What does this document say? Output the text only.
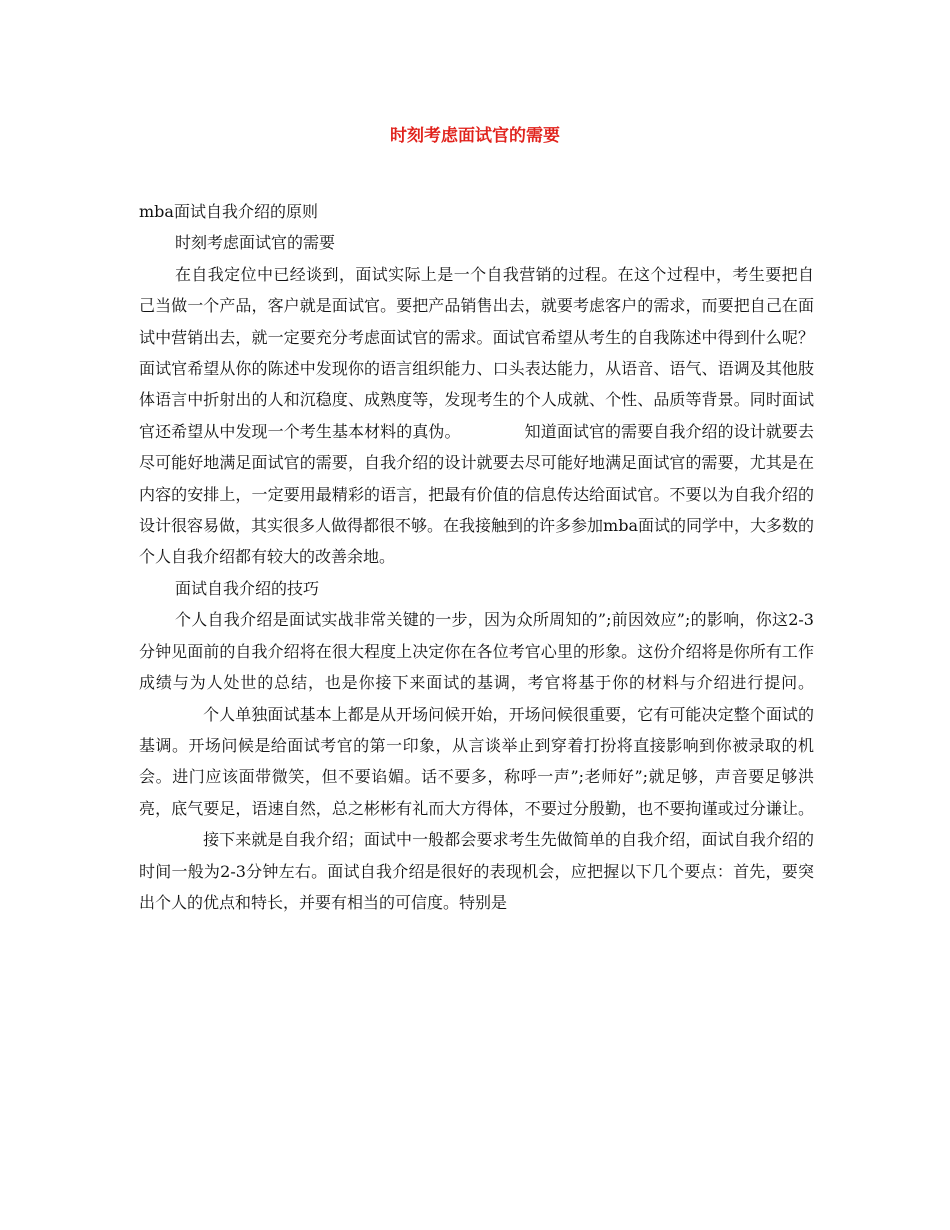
时刻考虑面试官的需要

mba面试自我介绍的原则

时刻考虑面试官的需要

在自我定位中已经谈到，面试实际上是一个自我营销的过程。在这个过程中，考生要把自己当做一个产品，客户就是面试官。要把产品销售出去，就要考虑客户的需求，而要把自己在面试中营销出去，就一定要充分考虑面试官的需求。面试官希望从考生的自我陈述中得到什么呢？面试官希望从你的陈述中发现你的语言组织能力、口头表达能力，从语音、语气、语调及其他肢体语言中折射出的人和沉稳度、成熟度等，发现考生的个人成就、个性、品质等背景。同时面试官还希望从中发现一个考生基本材料的真伪。	知道面试官的需要自我介绍的设计就要去尽可能好地满足面试官的需要，自我介绍的设计就要去尽可能好地满足面试官的需要，尤其是在内容的安排上，一定要用最精彩的语言，把最有价值的信息传达给面试官。不要以为自我介绍的设计很容易做，其实很多人做得都很不够。在我接触到的许多参加mba面试的同学中，大多数的个人自我介绍都有较大的改善余地。

面试自我介绍的技巧

个人自我介绍是面试实战非常关键的一步，因为众所周知的”;前因效应”;的影响，你这2-3分钟见面前的自我介绍将在很大程度上决定你在各位考官心里的形象。这份介绍将是你所有工作成绩与为人处世的总结，也是你接下来面试的基调，考官将基于你的材料与介绍进行提问。个人单独面试基本上都是从开场问候开始，开场问候很重要，它有可能决定整个面试的基调。开场问候是给面试考官的第一印象，从言谈举止到穿着打扮将直接影响到你被录取的机会。进门应该面带微笑，但不要谄媚。话不要多，称呼一声”;老师好”;就足够，声音要足够洪亮，底气要足，语速自然，总之彬彬有礼而大方得体，不要过分殷勤，也不要拘谨或过分谦让。接下来就是自我介绍；面试中一般都会要求考生先做简单的自我介绍，面试自我介绍的时间一般为2-3分钟左右。面试自我介绍是很好的表现机会，应把握以下几个要点：首先，要突出个人的优点和特长，并要有相当的可信度。特别是
